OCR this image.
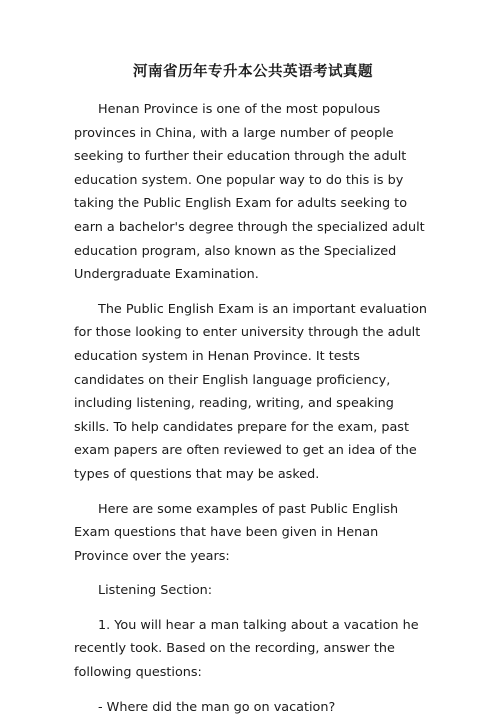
河南省历年专升本公共英语考试真题

Henan Province is one of the most populous provinces in China, with a large number of people seeking to further their education through the adult education system. One popular way to do this is by taking the Public English Exam for adults seeking to earn a bachelor's degree through the specialized adult education program, also known as the Specialized Undergraduate Examination.

The Public English Exam is an important evaluation for those looking to enter university through the adult education system in Henan Province. It tests candidates on their English language proficiency, including listening, reading, writing, and speaking skills. To help candidates prepare for the exam, past exam papers are often reviewed to get an idea of the types of questions that may be asked.

Here are some examples of past Public English Exam questions that have been given in Henan Province over the years:

Listening Section:

1. You will hear a man talking about a vacation he recently took. Based on the recording, answer the following questions:

- Where did the man go on vacation?
